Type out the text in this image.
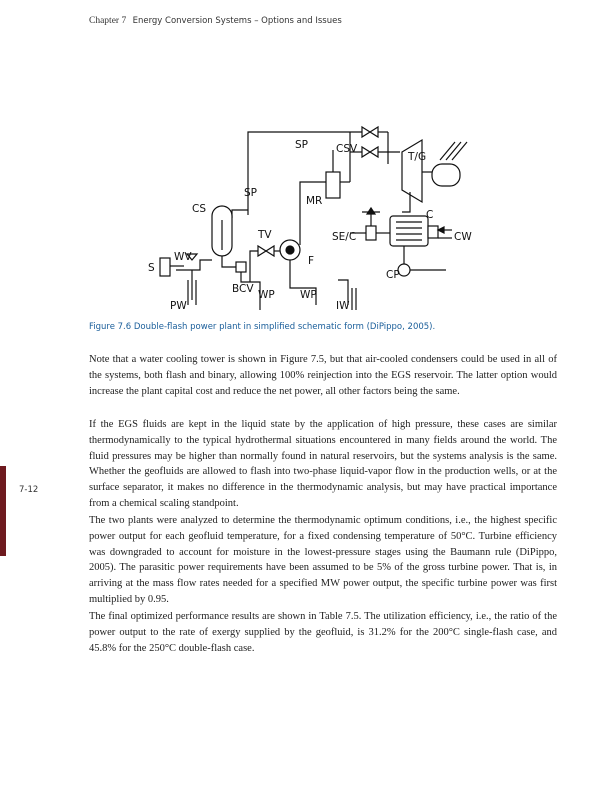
Chapter 7 Energy Conversion Systems – Options and Issues
7-12
SP	CSV
T/G
SP
MR
CS	C
TV	SE/C	CW
S
WV	F
CP
BCV WP WP
PW	IW
Figure 7.6 Double-flash power plant in simplified schematic form (DiPippo, 2005).

Note that a water cooling tower is shown in Figure 7.5, but that air-cooled condensers could be used in all of the systems, both flash and binary, allowing 100% reinjection into the EGS reservoir. The latter option would increase the plant capital cost and reduce the net power, all other factors being the same.

If the EGS fluids are kept in the liquid state by the application of high pressure, these cases are similar thermodynamically to the typical hydrothermal situations encountered in many fields around the world. The fluid pressures may be higher than normally found in natural reservoirs, but the systems analysis is the same. Whether the geofluids are allowed to flash into two-phase liquid-vapor flow in the production wells, or at the surface separator, it makes no difference in the thermodynamic analysis, but may have practical importance from a chemical scaling standpoint.

The two plants were analyzed to determine the thermodynamic optimum conditions, i.e., the highest specific power output for each geofluid temperature, for a fixed condensing temperature of 50°C. Turbine efficiency was downgraded to account for moisture in the lowest-pressure stages using the Baumann rule (DiPippo, 2005). The parasitic power requirements have been assumed to be 5% of the gross turbine power. That is, in arriving at the mass flow rates needed for a specified MW power output, the specific turbine power was first multiplied by 0.95.

The final optimized performance results are shown in Table 7.5. The utilization efficiency, i.e., the ratio of the power output to the rate of exergy supplied by the geofluid, is 31.2% for the 200°C single-flash case, and 45.8% for the 250°C double-flash case.
